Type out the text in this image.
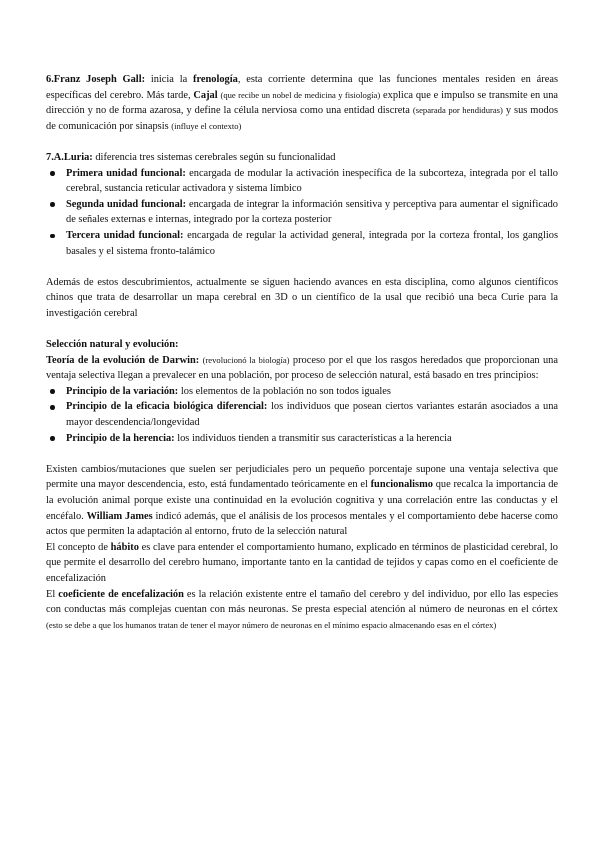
6.Franz Joseph Gall: inicia la frenología, esta corriente determina que las funciones mentales residen en áreas específicas del cerebro. Más tarde, Cajal (que recibe un nobel de medicina y fisiología) explica que e impulso se transmite en una dirección y no de forma azarosa, y define la célula nerviosa como una entidad discreta (separada por hendiduras) y sus modos de comunicación por sinapsis (influye el contexto)

7.A.Luria: diferencia tres sistemas cerebrales según su funcionalidad

Primera unidad funcional: encargada de modular la activación inespecífica de la subcorteza, integrada por el tallo cerebral, sustancia reticular activadora y sistema límbico
Segunda unidad funcional: encargada de integrar la información sensitiva y perceptiva para aumentar el significado de señales externas e internas, integrado por la corteza posterior
Tercera unidad funcional: encargada de regular la actividad general, integrada por la corteza frontal, los ganglios basales y el sistema fronto-talámico

Además de estos descubrimientos, actualmente se siguen haciendo avances en esta disciplina, como algunos científicos chinos que trata de desarrollar un mapa cerebral en 3D o un científico de la usal que recibió una beca Curie para la investigación cerebral

Selección natural y evolución:

Teoría de la evolución de Darwin: (revolucionó la biología) proceso por el que los rasgos heredados que proporcionan una ventaja selectiva llegan a prevalecer en una población, por proceso de selección natural, está basado en tres principios:

Principio de la variación: los elementos de la población no son todos iguales
Principio de la eficacia biológica diferencial: los individuos que posean ciertos variantes estarán asociados a una mayor descendencia/longevidad
Principio de la herencia: los individuos tienden a transmitir sus características a la herencia

Existen cambios/mutaciones que suelen ser perjudiciales pero un pequeño porcentaje supone una ventaja selectiva que permite una mayor descendencia, esto, está fundamentado teóricamente en el funcionalismo que recalca la importancia de la evolución animal porque existe una continuidad en la evolución cognitiva y una correlación entre las conductas y el encéfalo. William James indicó además, que el análisis de los procesos mentales y el comportamiento debe hacerse como actos que permiten la adaptación al entorno, fruto de la selección natural

El concepto de hábito es clave para entender el comportamiento humano, explicado en términos de plasticidad cerebral, lo que permite el desarrollo del cerebro humano, importante tanto en la cantidad de tejidos y capas como en el coeficiente de encefalización

El coeficiente de encefalización es la relación existente entre el tamaño del cerebro y del individuo, por ello las especies con conductas más complejas cuentan con más neuronas. Se presta especial atención al número de neuronas en el córtex (esto se debe a que los humanos tratan de tener el mayor número de neuronas en el mínimo espacio almacenando esas en el córtex)
